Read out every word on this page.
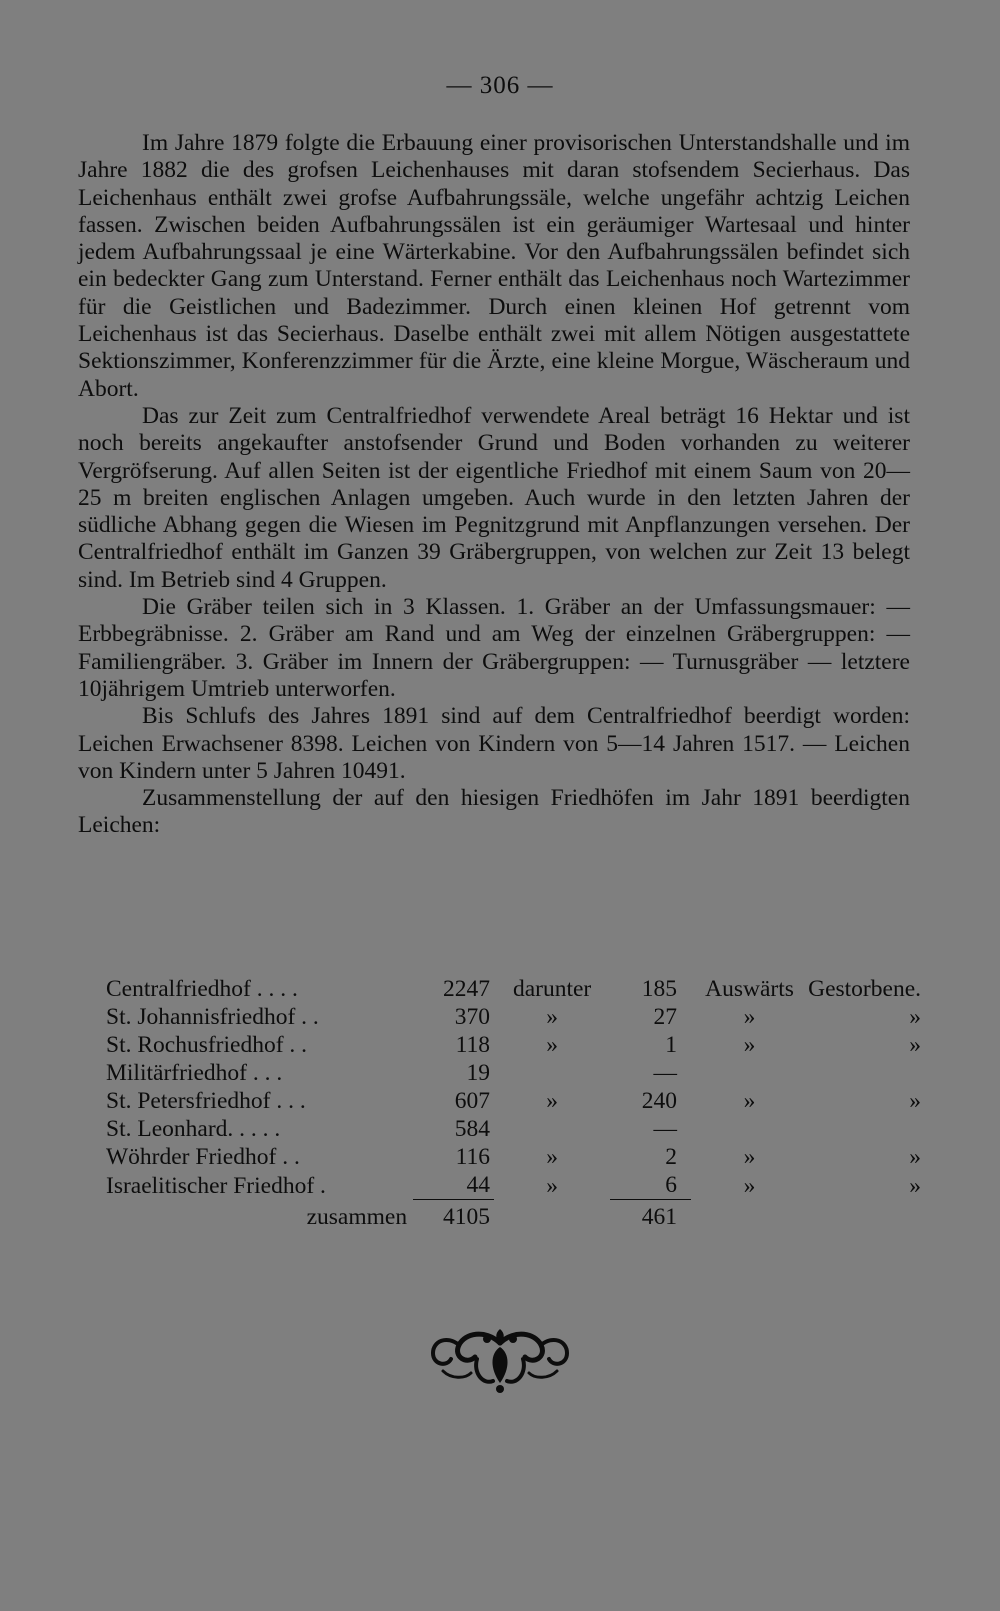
— 306 —

Im Jahre 1879 folgte die Erbauung einer provisorischen Unterstandshalle und im Jahre 1882 die des grofsen Leichenhauses mit daran stofsendem Secierhaus. Das Leichenhaus enthält zwei grofse Aufbahrungssäle, welche ungefähr achtzig Leichen fassen. Zwischen beiden Aufbahrungssälen ist ein geräumiger Wartesaal und hinter jedem Aufbahrungssaal je eine Wärterkabine. Vor den Aufbahrungssälen befindet sich ein bedeckter Gang zum Unterstand. Ferner enthält das Leichenhaus noch Wartezimmer für die Geistlichen und Badezimmer. Durch einen kleinen Hof getrennt vom Leichenhaus ist das Secierhaus. Daselbe enthält zwei mit allem Nötigen ausgestattete Sektionszimmer, Konferenzzimmer für die Ärzte, eine kleine Morgue, Wäscheraum und Abort.

Das zur Zeit zum Centralfriedhof verwendete Areal beträgt 16 Hektar und ist noch bereits angekaufter anstofsender Grund und Boden vorhanden zu weiterer Vergröfserung. Auf allen Seiten ist der eigentliche Friedhof mit einem Saum von 20—25 m breiten englischen Anlagen umgeben. Auch wurde in den letzten Jahren der südliche Abhang gegen die Wiesen im Pegnitzgrund mit Anpflanzungen versehen. Der Centralfriedhof enthält im Ganzen 39 Gräbergruppen, von welchen zur Zeit 13 belegt sind. Im Betrieb sind 4 Gruppen.

Die Gräber teilen sich in 3 Klassen. 1. Gräber an der Umfassungsmauer: — Erbbegräbnisse. 2. Gräber am Rand und am Weg der einzelnen Gräbergruppen: — Familiengräber. 3. Gräber im Innern der Gräbergruppen: — Turnusgräber — letztere 10jährigem Umtrieb unterworfen.

Bis Schlufs des Jahres 1891 sind auf dem Centralfriedhof beerdigt worden: Leichen Erwachsener 8398. Leichen von Kindern von 5—14 Jahren 1517. — Leichen von Kindern unter 5 Jahren 10491.

Zusammenstellung der auf den hiesigen Friedhöfen im Jahr 1891 beerdigten Leichen:

Centralfriedhof . . . .	2247	darunter	185	Auswärts	Gestorbene.
St. Johannisfriedhof . .	370	»	27	»	»
St. Rochusfriedhof . .	118	»	1	»	»
Militärfriedhof . . .	19		—		
St. Petersfriedhof . . .	607	»	240	»	»
St. Leonhard. . . . .	584		—		
Wöhrder Friedhof . .	116	»	2	»	»
Israelitischer Friedhof .	44	»	6	»	»
zusammen	4105		461		
